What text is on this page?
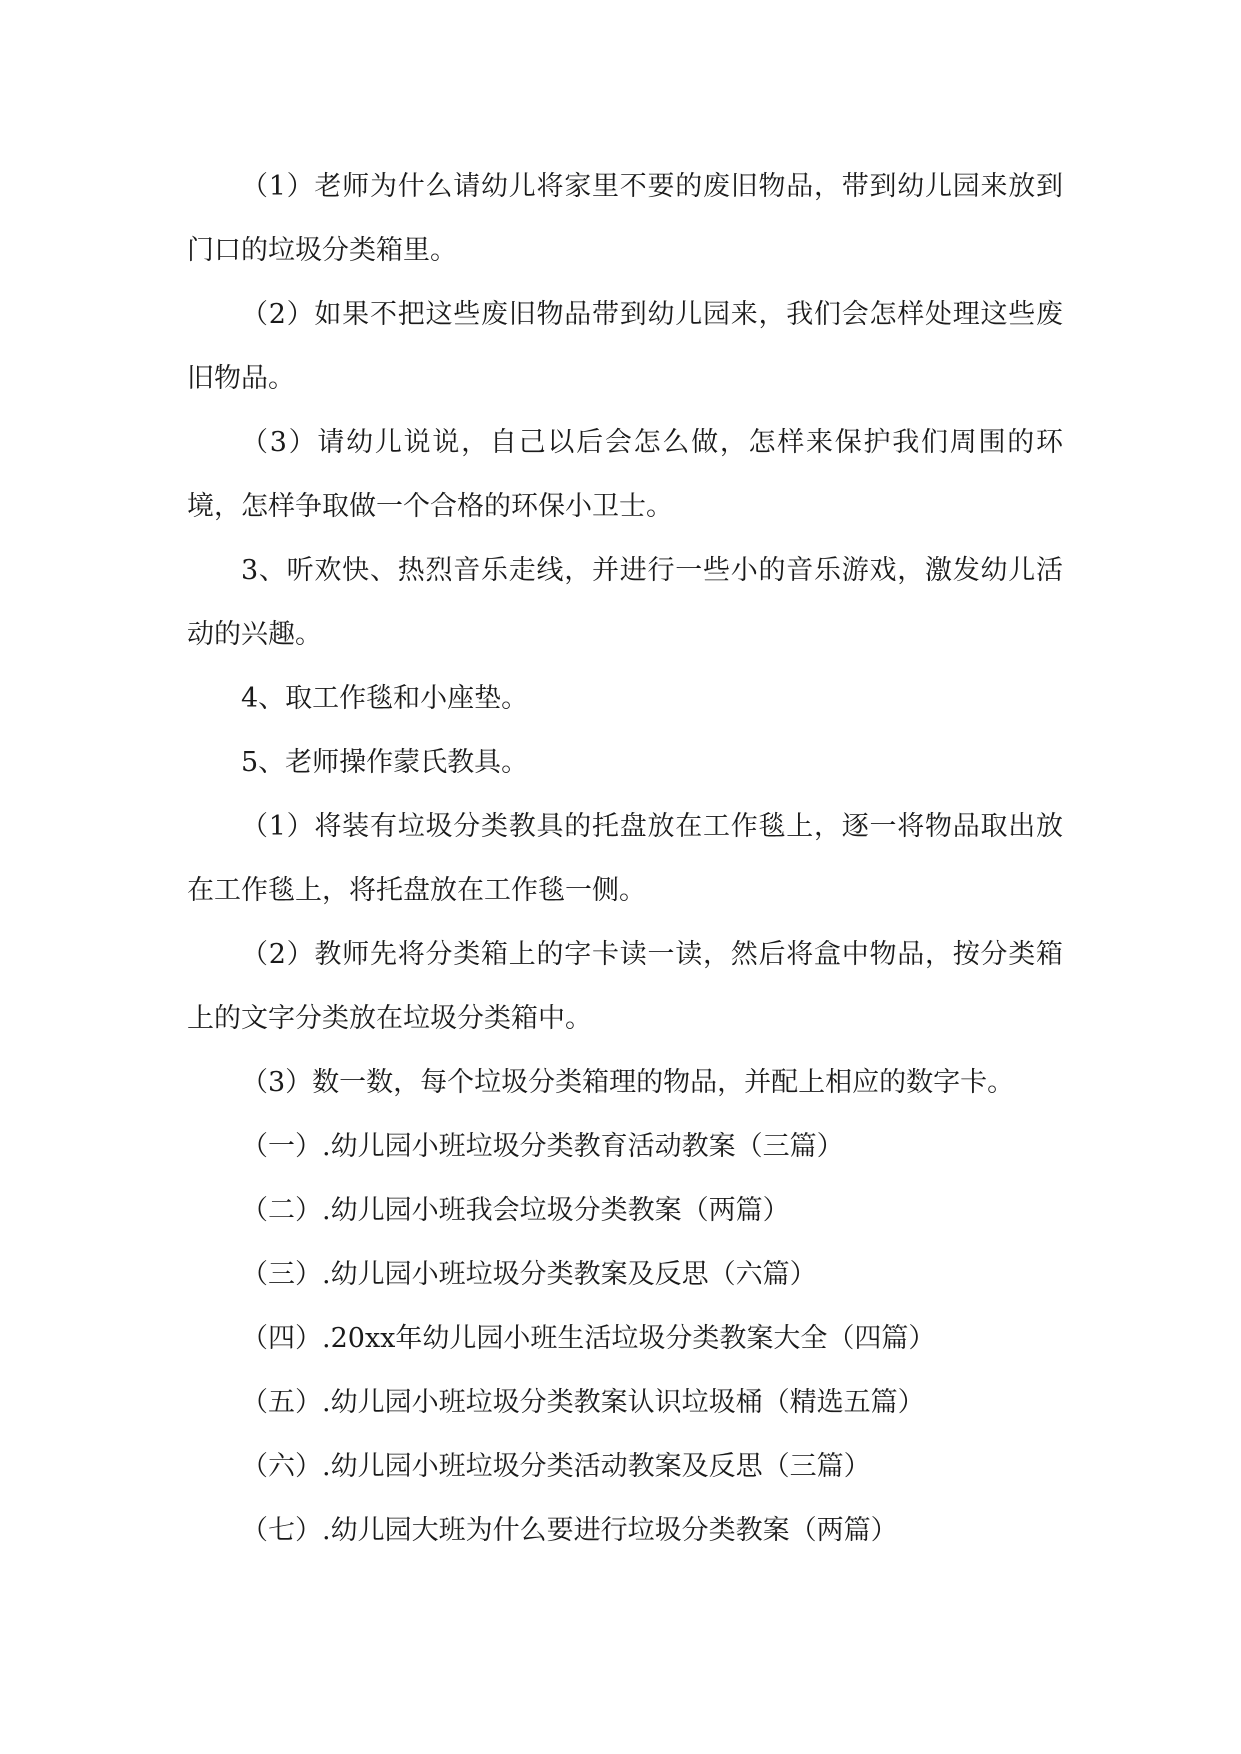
（1）老师为什么请幼儿将家里不要的废旧物品，带到幼儿园来放到门口的垃圾分类箱里。

（2）如果不把这些废旧物品带到幼儿园来，我们会怎样处理这些废旧物品。

（3）请幼儿说说，自己以后会怎么做，怎样来保护我们周围的环境，怎样争取做一个合格的环保小卫士。

3、听欢快、热烈音乐走线，并进行一些小的音乐游戏，激发幼儿活动的兴趣。

4、取工作毯和小座垫。

5、老师操作蒙氏教具。

（1）将装有垃圾分类教具的托盘放在工作毯上，逐一将物品取出放在工作毯上，将托盘放在工作毯一侧。

（2）教师先将分类箱上的字卡读一读，然后将盒中物品，按分类箱上的文字分类放在垃圾分类箱中。

（3）数一数，每个垃圾分类箱理的物品，并配上相应的数字卡。

（一）.幼儿园小班垃圾分类教育活动教案（三篇）

（二）.幼儿园小班我会垃圾分类教案（两篇）

（三）.幼儿园小班垃圾分类教案及反思（六篇）

（四）.20xx年幼儿园小班生活垃圾分类教案大全（四篇）

（五）.幼儿园小班垃圾分类教案认识垃圾桶（精选五篇）

（六）.幼儿园小班垃圾分类活动教案及反思（三篇）

（七）.幼儿园大班为什么要进行垃圾分类教案（两篇）
